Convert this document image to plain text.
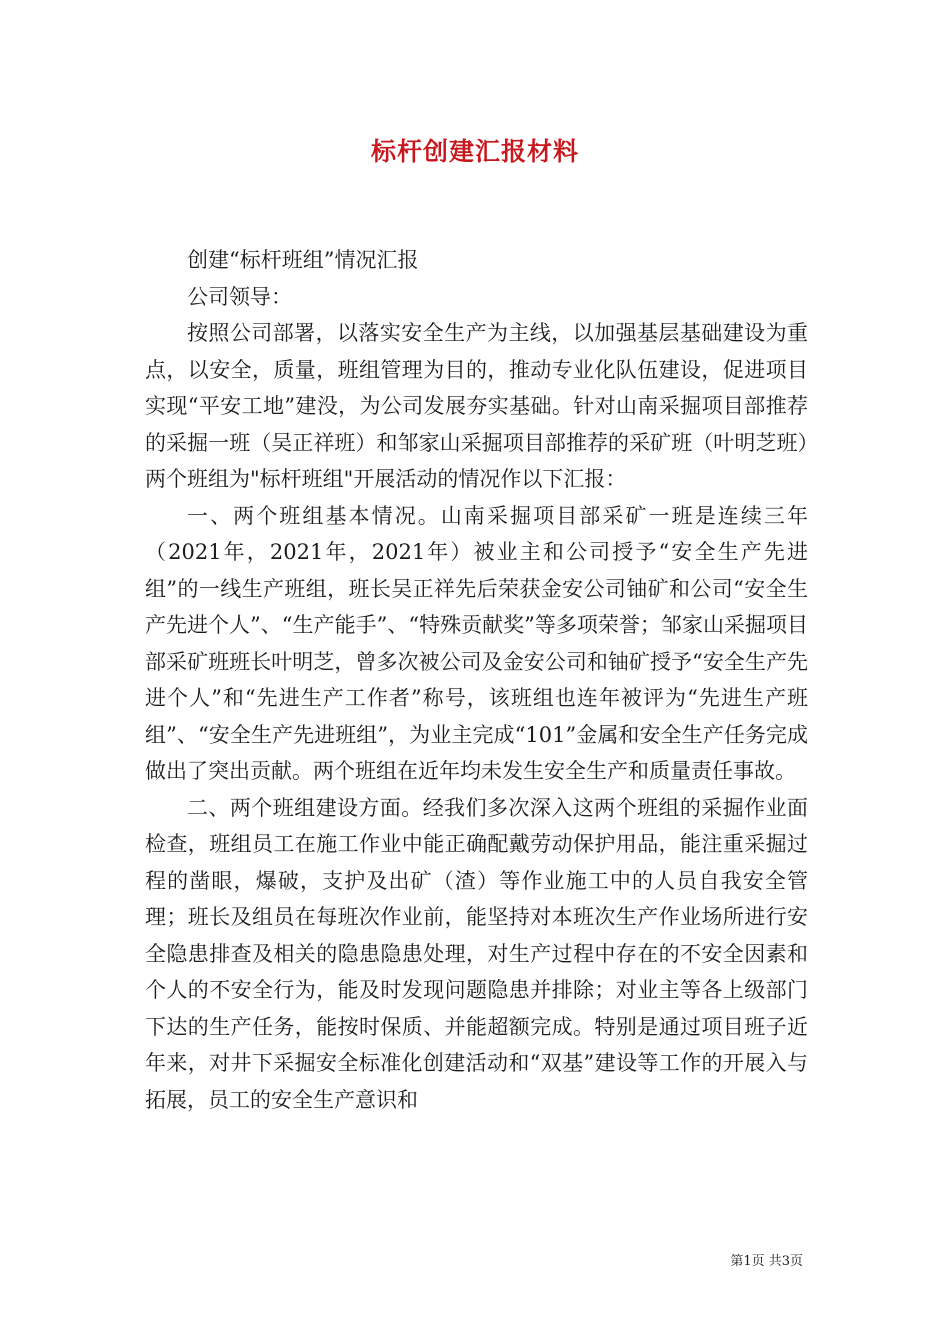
标杆创建汇报材料

创建“标杆班组”情况汇报

公司领导：

按照公司部署，以落实安全生产为主线，以加强基层基础建设为重点，以安全，质量，班组管理为目的，推动专业化队伍建设，促进项目实现“平安工地”建没，为公司发展夯实基础。针对山南采掘项目部推荐的采掘一班（吴正祥班）和邹家山采掘项目部推荐的采矿班（叶明芝班）两个班组为"标杆班组"开展活动的情况作以下汇报：

一、两个班组基本情况。山南采掘项目部采矿一班是连续三年（2021年，2021年，2021年）被业主和公司授予“安全生产先进组”的一线生产班组，班长吴正祥先后荣获金安公司铀矿和公司“安全生产先进个人”、“生产能手”、“特殊贡献奖”等多项荣誉；邹家山采掘项目部采矿班班长叶明芝，曾多次被公司及金安公司和铀矿授予“安全生产先进个人”和“先进生产工作者”称号，该班组也连年被评为“先进生产班组”、“安全生产先进班组”，为业主完成“101”金属和安全生产任务完成做出了突出贡献。两个班组在近年均未发生安全生产和质量责任事故。

二、两个班组建设方面。经我们多次深入这两个班组的采掘作业面检查，班组员工在施工作业中能正确配戴劳动保护用品，能注重采掘过程的凿眼，爆破，支护及出矿（渣）等作业施工中的人员自我安全管理；班长及组员在每班次作业前，能坚持对本班次生产作业场所进行安全隐患排查及相关的隐患隐患处理，对生产过程中存在的不安全因素和个人的不安全行为，能及时发现问题隐患并排除；对业主等各上级部门下达的生产任务，能按时保质、并能超额完成。特别是通过项目班子近年来，对井下采掘安全标准化创建活动和“双基”建设等工作的开展入与拓展，员工的安全生产意识和

第1页 共3页
